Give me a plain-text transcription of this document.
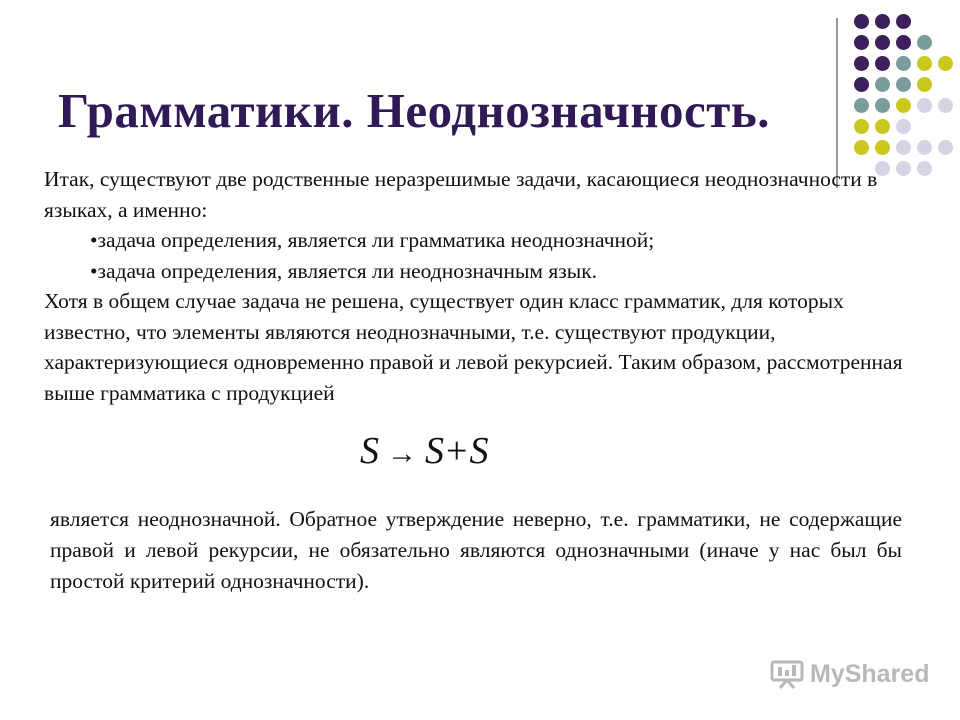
Грамматики. Неоднозначность.

Итак, существуют две родственные неразрешимые задачи, касающиеся неоднозначности в языках, а именно:

•задача определения, является ли грамматика неоднозначной;

•задача определения, является ли неоднозначным язык.

Хотя в общем случае задача не решена, существует один класс грамматик, для которых известно, что элементы являются неоднозначными, т.е. существуют продукции, характеризующиеся одновременно правой и левой рекурсией. Таким образом, рассмотренная выше грамматика с продукцией

S → S+S

является неоднозначной. Обратное утверждение неверно, т.е. грамматики, не содержащие правой и левой рекурсии, не обязательно являются однозначными (иначе у нас был бы простой критерий однозначности).

MyShared
